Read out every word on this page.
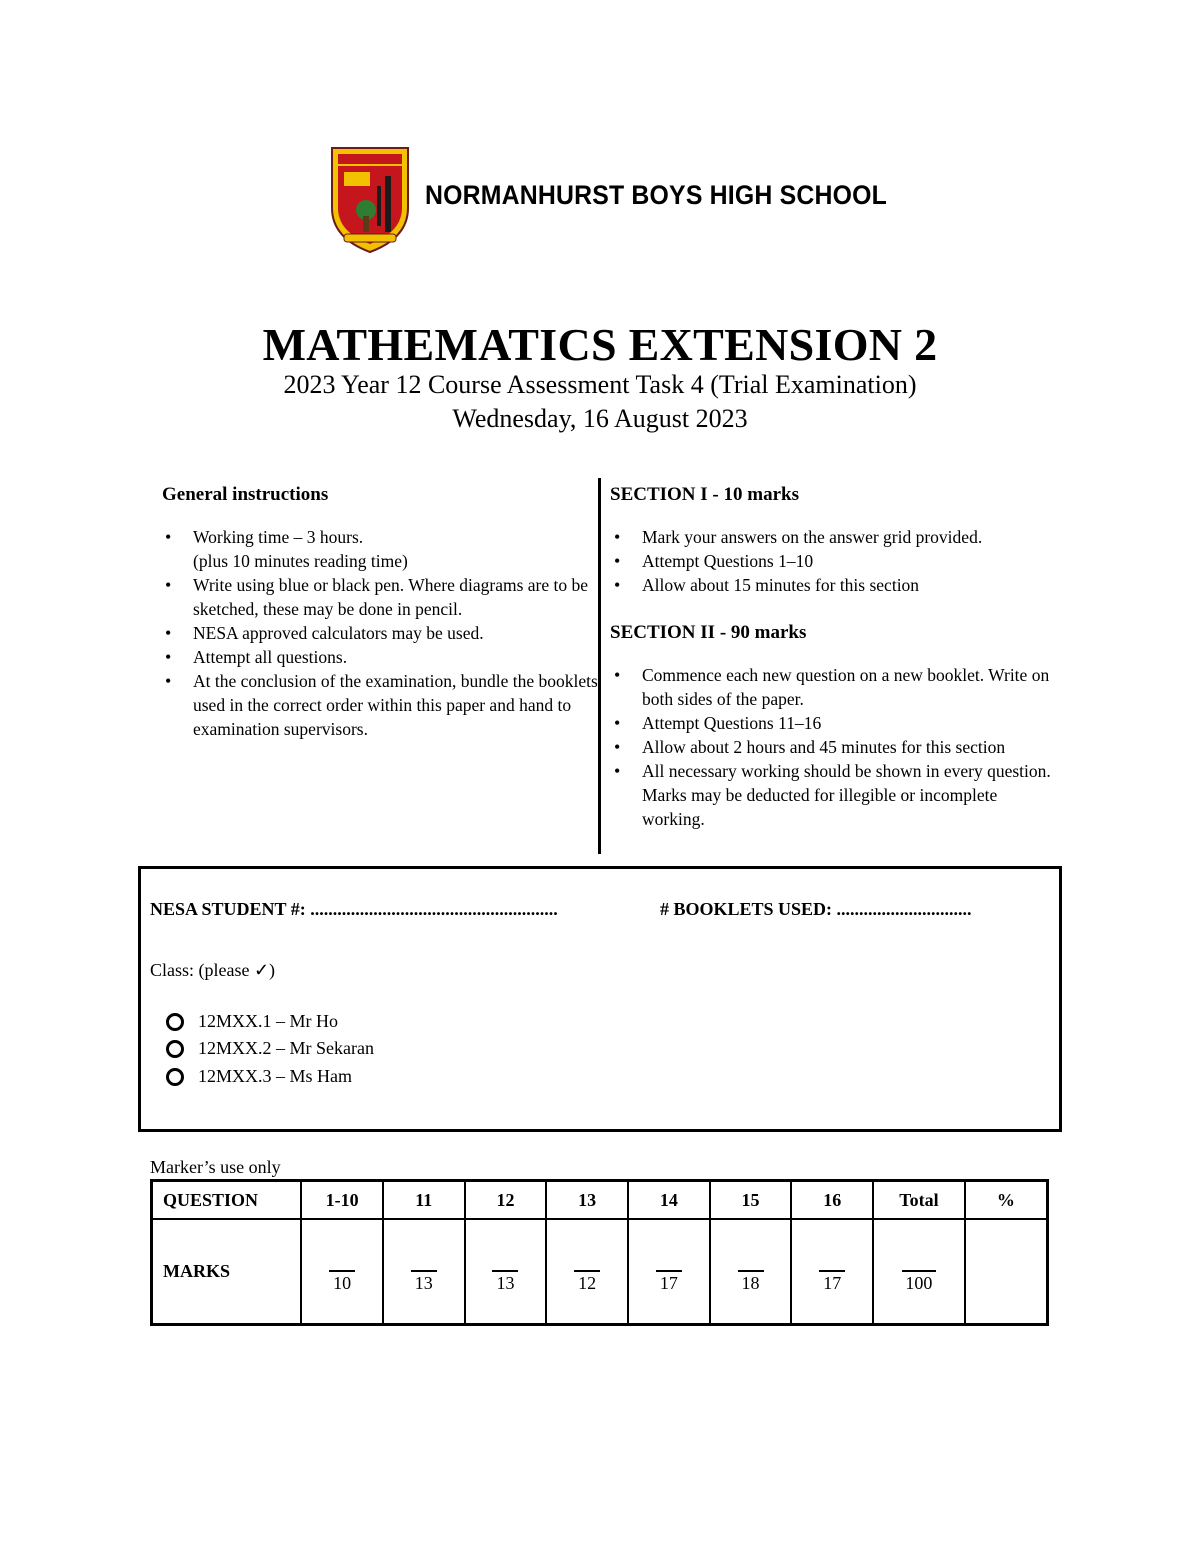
NORMANHURST BOYS HIGH SCHOOL
MATHEMATICS EXTENSION 2
2023 Year 12 Course Assessment Task 4 (Trial Examination)
Wednesday, 16 August 2023
General instructions
• Working time – 3 hours.
(plus 10 minutes reading time)
• Write using blue or black pen. Where diagrams are to be sketched, these may be done in pencil.
• NESA approved calculators may be used.
• Attempt all questions.
• At the conclusion of the examination, bundle the booklets used in the correct order within this paper and hand to examination supervisors.
SECTION I - 10 marks
• Mark your answers on the answer grid provided.
• Attempt Questions 1–10
• Allow about 15 minutes for this section
SECTION II - 90 marks
• Commence each new question on a new booklet. Write on both sides of the paper.
• Attempt Questions 11–16
• Allow about 2 hours and 45 minutes for this section
• All necessary working should be shown in every question. Marks may be deducted for illegible or incomplete working.
NESA STUDENT #: .......................................................	# BOOKLETS USED: ..............................
Class: (please ✓)
12MXX.1 – Mr Ho
12MXX.2 – Mr Sekaran
12MXX.3 – Ms Ham
Marker’s use only
QUESTION	1-10	11	12	13	14	15	16	Total	%
MARKS	10	13	13	12	17	18	17	100	
